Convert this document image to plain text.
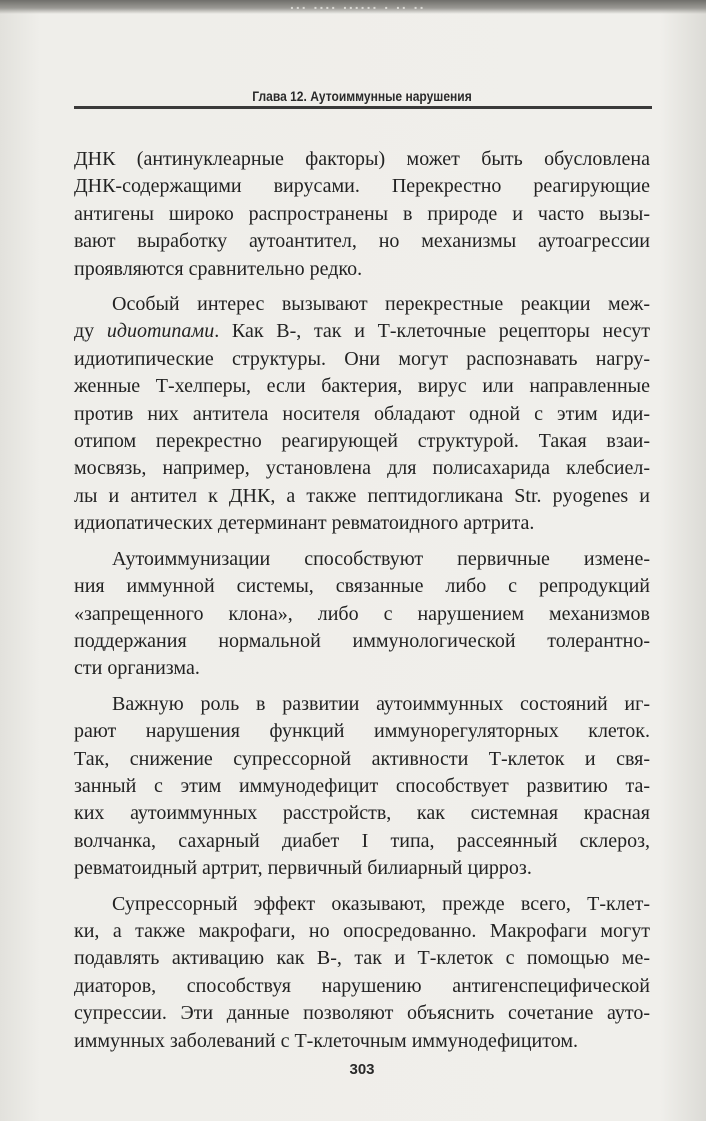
... .... ...... . .. ..
Глава 12. Аутоиммунные нарушения

ДНК (антинуклеарные факторы) может быть обусловлена
ДНК-содержащими вирусами. Перекрестно реагирующие
антигены широко распространены в природе и часто вызы-
вают выработку аутоантител, но механизмы аутоагрессии
проявляются сравнительно редко.

Особый интерес вызывают перекрестные реакции меж-
ду идиотипами. Как В-, так и Т-клеточные рецепторы несут
идиотипические структуры. Они могут распознавать нагру-
женные Т-хелперы, если бактерия, вирус или направленные
против них антитела носителя обладают одной с этим иди-
отипом перекрестно реагирующей структурой. Такая взаи-
мосвязь, например, установлена для полисахарида клебсиел-
лы и антител к ДНК, а также пептидогликана Str. pyogenes и
идиопатических детерминант ревматоидного артрита.

Аутоиммунизации способствуют первичные измене-
ния иммунной системы, связанные либо с репродукций
«запрещенного клона», либо с нарушением механизмов
поддержания нормальной иммунологической толерантно-
сти организма.

Важную роль в развитии аутоиммунных состояний иг-
рают нарушения функций иммунорегуляторных клеток.
Так, снижение супрессорной активности Т-клеток и свя-
занный с этим иммунодефицит способствует развитию та-
ких аутоиммунных расстройств, как системная красная
волчанка, сахарный диабет I типа, рассеянный склероз,
ревматоидный артрит, первичный билиарный цирроз.

Супрессорный эффект оказывают, прежде всего, Т-клет-
ки, а также макрофаги, но опосредованно. Макрофаги могут
подавлять активацию как В-, так и Т-клеток с помощью ме-
диаторов, способствуя нарушению антигенспецифической
супрессии. Эти данные позволяют объяснить сочетание ауто-
иммунных заболеваний с Т-клеточным иммунодефицитом.

303
